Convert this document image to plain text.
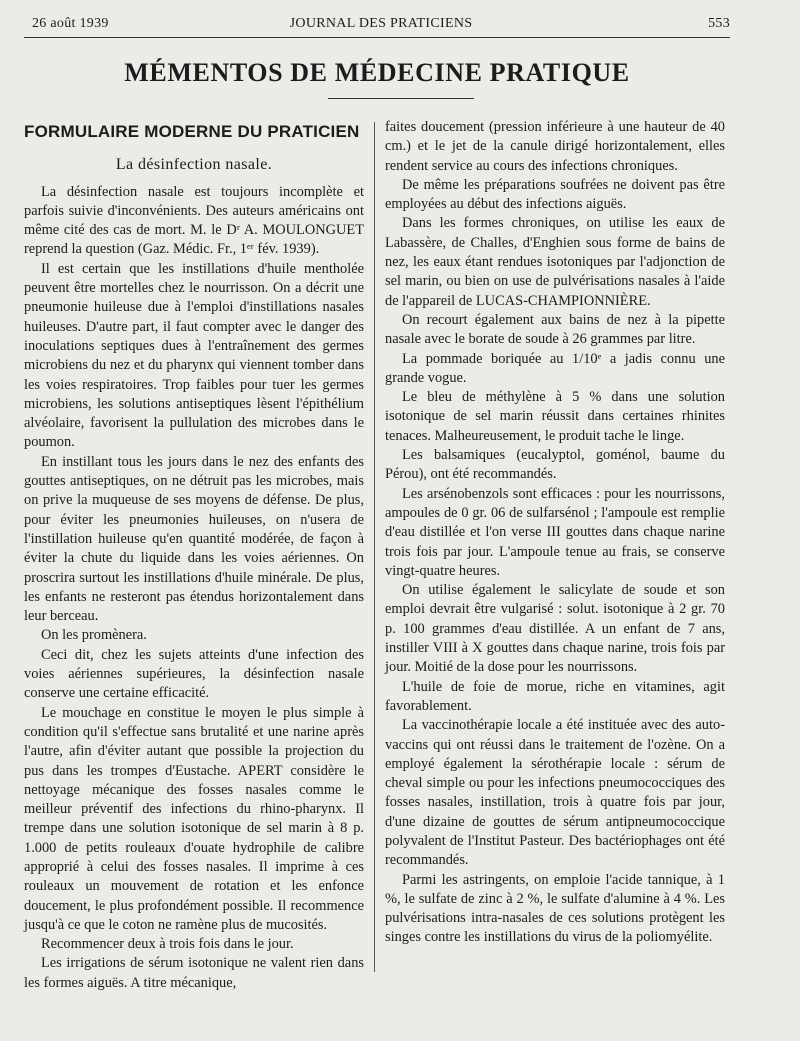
26 août 1939	JOURNAL DES PRATICIENS	553
MÉMENTOS DE MÉDECINE PRATIQUE
FORMULAIRE MODERNE DU PRATICIEN
La désinfection nasale.

La désinfection nasale est toujours incomplète et parfois suivie d'inconvénients. Des auteurs américains ont même cité des cas de mort. M. le Dʳ A. MOULONGUET reprend la question (Gaz. Médic. Fr., 1ᵉʳ fév. 1939).

Il est certain que les instillations d'huile mentholée peuvent être mortelles chez le nourrisson. On a décrit une pneumonie huileuse due à l'emploi d'instillations nasales huileuses. D'autre part, il faut compter avec le danger des inoculations septiques dues à l'entraînement des germes microbiens du nez et du pharynx qui viennent tomber dans les voies respiratoires. Trop faibles pour tuer les germes microbiens, les solutions antiseptiques lèsent l'épithélium alvéolaire, favorisent la pullulation des microbes dans le poumon.

En instillant tous les jours dans le nez des enfants des gouttes antiseptiques, on ne détruit pas les microbes, mais on prive la muqueuse de ses moyens de défense. De plus, pour éviter les pneumonies huileuses, on n'usera de l'instillation huileuse qu'en quantité modérée, de façon à éviter la chute du liquide dans les voies aériennes. On proscrira surtout les instillations d'huile minérale. De plus, les enfants ne resteront pas étendus horizontalement dans leur berceau.

On les promènera.

Ceci dit, chez les sujets atteints d'une infection des voies aériennes supérieures, la désinfection nasale conserve une certaine efficacité.

Le mouchage en constitue le moyen le plus simple à condition qu'il s'effectue sans brutalité et une narine après l'autre, afin d'éviter autant que possible la projection du pus dans les trompes d'Eustache. APERT considère le nettoyage mécanique des fosses nasales comme le meilleur préventif des infections du rhino-pharynx. Il trempe dans une solution isotonique de sel marin à 8 p. 1.000 de petits rouleaux d'ouate hydrophile de calibre approprié à celui des fosses nasales. Il imprime à ces rouleaux un mouvement de rotation et les enfonce doucement, le plus profondément possible. Il recommence jusqu'à ce que le coton ne ramène plus de mucosités.

Recommencer deux à trois fois dans le jour.

Les irrigations de sérum isotonique ne valent rien dans les formes aiguës. A titre mécanique,

faites doucement (pression inférieure à une hauteur de 40 cm.) et le jet de la canule dirigé horizontalement, elles rendent service au cours des infections chroniques.

De même les préparations soufrées ne doivent pas être employées au début des infections aiguës.

Dans les formes chroniques, on utilise les eaux de Labassère, de Challes, d'Enghien sous forme de bains de nez, les eaux étant rendues isotoniques par l'adjonction de sel marin, ou bien on use de pulvérisations nasales à l'aide de l'appareil de LUCAS-CHAMPIONNIÈRE.

On recourt également aux bains de nez à la pipette nasale avec le borate de soude à 26 grammes par litre.

La pommade boriquée au 1/10ᵉ a jadis connu une grande vogue.

Le bleu de méthylène à 5 % dans une solution isotonique de sel marin réussit dans certaines rhinites tenaces. Malheureusement, le produit tache le linge.

Les balsamiques (eucalyptol, goménol, baume du Pérou), ont été recommandés.

Les arsénobenzols sont efficaces : pour les nourrissons, ampoules de 0 gr. 06 de sulfarsénol ; l'ampoule est remplie d'eau distillée et l'on verse III gouttes dans chaque narine trois fois par jour. L'ampoule tenue au frais, se conserve vingt-quatre heures.

On utilise également le salicylate de soude et son emploi devrait être vulgarisé : solut. isotonique à 2 gr. 70 p. 100 grammes d'eau distillée. A un enfant de 7 ans, instiller VIII à X gouttes dans chaque narine, trois fois par jour. Moitié de la dose pour les nourrissons.

L'huile de foie de morue, riche en vitamines, agit favorablement.

La vaccinothérapie locale a été instituée avec des auto-vaccins qui ont réussi dans le traitement de l'ozène. On a employé également la sérothérapie locale : sérum de cheval simple ou pour les infections pneumococciques des fosses nasales, instillation, trois à quatre fois par jour, d'une dizaine de gouttes de sérum antipneumococcique polyvalent de l'Institut Pasteur. Des bactériophages ont été recommandés.

Parmi les astringents, on emploie l'acide tannique, à 1 %, le sulfate de zinc à 2 %, le sulfate d'alumine à 4 %. Les pulvérisations intra-nasales de ces solutions protègent les singes contre les instillations du virus de la poliomyélite.
